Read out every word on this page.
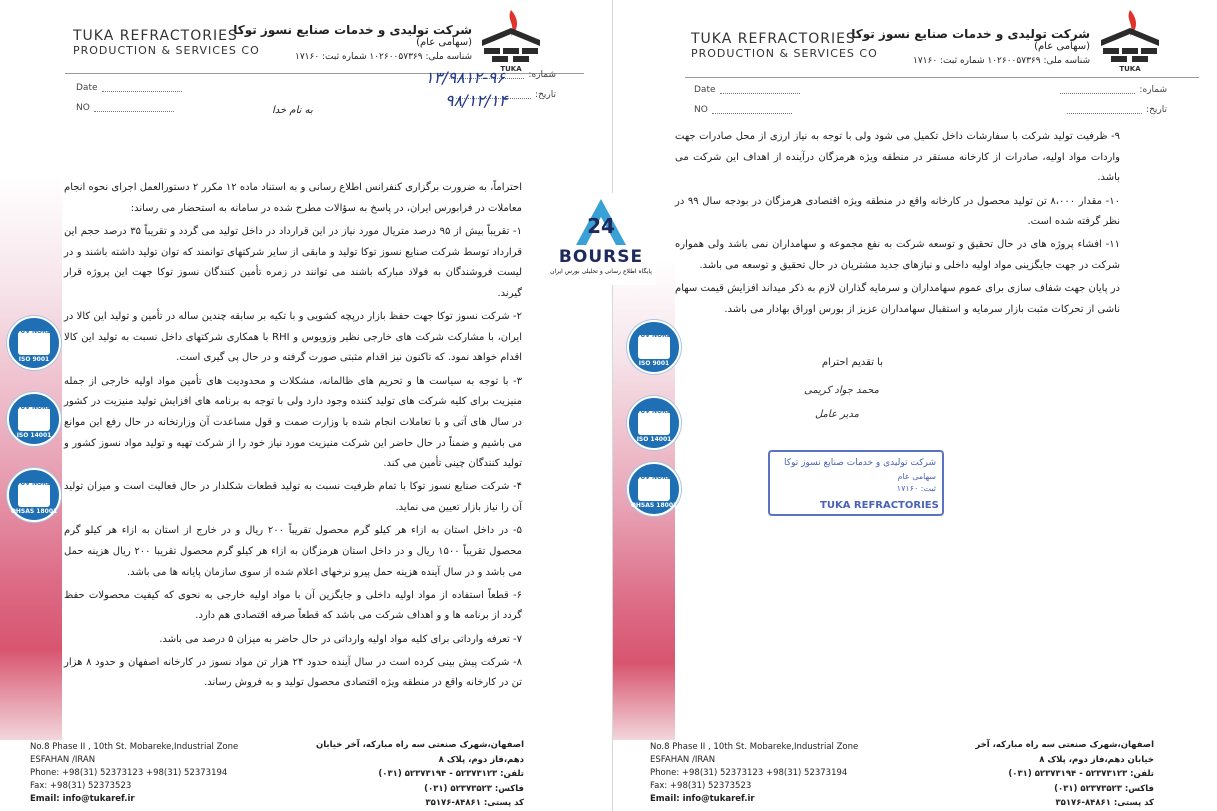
TUKA
TUKA REFRACTORIES
PRODUCTION & SERVICES CO
شرکت تولیدی و خدمات صنایع نسوز توکا
(سهامی عام)
شناسه ملی: ۱۰۲۶۰۰۵۷۳۶۹ شماره ثبت: ۱۷۱۶۰
Date
NO
شماره:
تاریخ:
۱۳/۹۸۱۲-۹۶
۹۸/۱۲/۱۴
به نام خدا

احتراماً، به ضرورت برگزاری کنفرانس اطلاع رسانی و به استناد ماده ۱۲ مکرر ۲ دستورالعمل اجرای نحوه انجام معاملات در فرابورس ایران، در پاسخ به سؤالات مطرح شده در سامانه به استحضار می رساند:

۱- تقریباً بیش از ۹۵ درصد متریال مورد نیاز در این قرارداد در داخل تولید می گردد و تقریباً ۳۵ درصد حجم این قرارداد توسط شرکت صنایع نسوز توکا تولید و مابقی از سایر شرکتهای توانمند که توان تولید داشته باشند و در لیست فروشندگان به فولاد مبارکه باشند می توانند در زمره تأمین کنندگان نسوز توکا جهت این پروژه قرار گیرند.

۲- شرکت نسوز توکا جهت حفظ بازار درپچه کشویی و با تکیه بر سابقه چندین ساله در تأمین و تولید این کالا در ایران، با مشارکت شرکت های خارجی نظیر وزویوس و RHI با همکاری شرکتهای داخل نسبت به تولید این کالا اقدام خواهد نمود. که تاکنون نیز اقدام مثبتی صورت گرفته و در حال پی گیری است.

۳- با توجه به سیاست ها و تحریم های ظالمانه، مشکلات و محدودیت های تأمین مواد اولیه خارجی از جمله منیزیت برای کلیه شرکت های تولید کننده وجود دارد ولی با توجه به برنامه های افزایش تولید منیزیت در کشور در سال های آتی و با تعاملات انجام شده با وزارت صمت و قول مساعدت آن وزارتخانه در حال رفع این موانع می باشیم و ضمناً در حال حاضر این شرکت منیزیت مورد نیاز خود را از شرکت تهیه و تولید مواد نسوز کشور و تولید کنندگان چینی تأمین می کند.

۴- شرکت صنایع نسوز توکا با تمام ظرفیت نسبت به تولید قطعات شکلدار در حال فعالیت است و میزان تولید آن را نیاز بازار تعیین می نماید.

۵- در داخل استان به ازاء هر کیلو گرم محصول تقریباً ۲۰۰ ریال و در خارج از استان به ازاء هر کیلو گرم محصول تقریباً ۱۵۰۰ ریال و در داخل استان هرمزگان به ازاء هر کیلو گرم محصول تقریبا ۲۰۰ ریال هزینه حمل می باشد و در سال آینده هزینه حمل پیرو نرخهای اعلام شده از سوی سازمان پایانه ها می باشد.

۶- قطعاً استفاده از مواد اولیه داخلی و جایگزین آن با مواد اولیه خارجی به نحوی که کیفیت محصولات حفظ گردد از برنامه ها و و اهداف شرکت می باشد که قطعاً صرفه اقتصادی هم دارد.

۷- تعرفه وارداتی برای کلیه مواد اولیه وارداتی در حال حاضر به میزان ۵ درصد می باشد.

۸- شرکت پیش بینی کرده است در سال آینده حدود ۲۴ هزار تن مواد نسوز در کارخانه اصفهان و حدود ۸ هزار تن در کارخانه واقع در منطقه ویژه اقتصادی محصول تولید و به فروش رساند.

TÜV NORD
ISO 9001
TÜV NORD
ISO 14001
TÜV NORD
OHSAS 18001
No.8 Phase II , 10th St. Mobareke,Industrial Zone
ESFAHAN /IRAN
Phone: +98(31) 52373123 +98(31) 52373194
Fax: +98(31) 52373523
Email: info@tukaref.ir
اصفهان،شهرک صنعتی سه راه مبارکه، آخر خیابان دهم،فاز دوم، پلاک ۸
تلفن: ۵۲۳۷۳۱۲۳ - ۵۲۳۷۳۱۹۴ (۰۳۱)
فاکس: ۵۲۳۷۳۵۲۳ (۰۳۱)
کد پستی: ۸۴۸۶۱-۳۵۱۷۶
TUKA
TUKA REFRACTORIES
PRODUCTION & SERVICES CO
شرکت تولیدی و خدمات صنایع نسوز توکا
(سهامی عام)
شناسه ملی: ۱۰۲۶۰۰۵۷۳۶۹ شماره ثبت: ۱۷۱۶۰
Date
NO
شماره:
تاریخ:

۹- ظرفیت تولید شرکت با سفارشات داخل تکمیل می شود ولی با توجه به نیاز ارزی از محل صادرات جهت واردات مواد اولیه، صادرات از کارخانه مستقر در منطقه ویژه هرمزگان درآینده از اهداف این شرکت می باشد.

۱۰- مقدار ۸،۰۰۰ تن تولید محصول در کارخانه واقع در منطقه ویژه اقتصادی هرمزگان در بودجه سال ۹۹ در نظر گرفته شده است.

۱۱- افشاء پروژه های در حال تحقیق و توسعه شرکت به نفع مجموعه و سهامداران نمی باشد ولی همواره شرکت در جهت جایگزینی مواد اولیه داخلی و نیازهای جدید مشتریان در حال تحقیق و توسعه می باشد.

در پایان جهت شفاف سازی برای عموم سهامداران و سرمایه گذاران لازم به ذکر میداند افزایش قیمت سهام ناشی از تحرکات مثبت بازار سرمایه و استقبال سهامداران عزیز از بورس اوراق بهادار می باشد.

TÜV NORD
ISO 9001
TÜV NORD
ISO 14001
TÜV NORD
OHSAS 18001
با تقدیم احترام
محمد جواد کریمی
مدیر عامل
شرکت تولیدی و خدمات صنایع نسوز توکا
سهامی عام
ثبت: ۱۷۱۶۰
TUKA REFRACTORIES
No.8 Phase II , 10th St. Mobareke,Industrial Zone
ESFAHAN /IRAN
Phone: +98(31) 52373123 +98(31) 52373194
Fax: +98(31) 52373523
Email: info@tukaref.ir
اصفهان،شهرک صنعتی سه راه مبارکه، آخر خیابان دهم،فاز دوم، پلاک ۸
تلفن: ۵۲۳۷۳۱۲۳ - ۵۲۳۷۳۱۹۴ (۰۳۱)
فاکس: ۵۲۳۷۳۵۲۳ (۰۳۱)
کد پستی: ۸۴۸۶۱-۳۵۱۷۶
24
BOURSE
پایگاه اطلاع رسانی و تحلیلی بورس ایران
